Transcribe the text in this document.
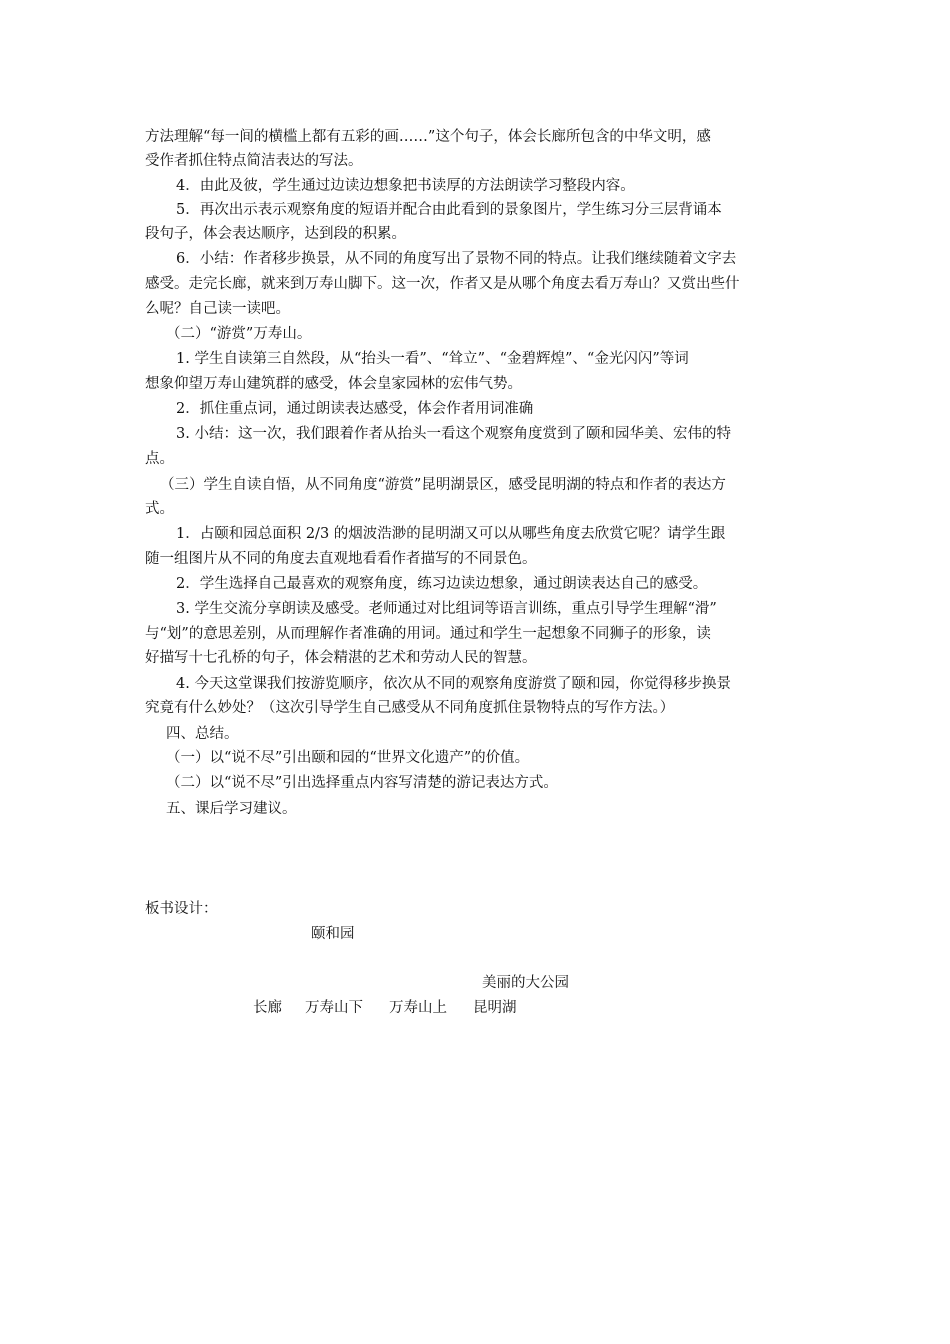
方法理解“每一间的横槛上都有五彩的画……”这个句子，体会长廊所包含的中华文明，感
受作者抓住特点简洁表达的写法。
4．由此及彼，学生通过边读边想象把书读厚的方法朗读学习整段内容。
5．再次出示表示观察角度的短语并配合由此看到的景象图片，学生练习分三层背诵本
段句子，体会表达顺序，达到段的积累。
6．小结：作者移步换景，从不同的角度写出了景物不同的特点。让我们继续随着文字去
感受。走完长廊，就来到万寿山脚下。这一次，作者又是从哪个角度去看万寿山？又赏出些什
么呢？自己读一读吧。
（二）“游赏”万寿山。
1. 学生自读第三自然段，从“抬头一看”、“耸立”、“金碧辉煌”、“金光闪闪”等词
想象仰望万寿山建筑群的感受，体会皇家园林的宏伟气势。
2．抓住重点词，通过朗读表达感受，体会作者用词准确
3. 小结：这一次，我们跟着作者从抬头一看这个观察角度赏到了颐和园华美、宏伟的特
点。
（三）学生自读自悟，从不同角度“游赏”昆明湖景区，感受昆明湖的特点和作者的表达方
式。
1．占颐和园总面积 2/3 的烟波浩渺的昆明湖又可以从哪些角度去欣赏它呢？请学生跟
随一组图片从不同的角度去直观地看看作者描写的不同景色。
2．学生选择自己最喜欢的观察角度，练习边读边想象，通过朗读表达自己的感受。
3. 学生交流分享朗读及感受。老师通过对比组词等语言训练，重点引导学生理解“滑”
与“划”的意思差别，从而理解作者准确的用词。通过和学生一起想象不同狮子的形象，读
好描写十七孔桥的句子，体会精湛的艺术和劳动人民的智慧。
4. 今天这堂课我们按游览顺序，依次从不同的观察角度游赏了颐和园，你觉得移步换景
究竟有什么妙处？（这次引导学生自己感受从不同角度抓住景物特点的写作方法。）
四、总结。
（一）以“说不尽”引出颐和园的“世界文化遗产”的价值。
（二）以“说不尽”引出选择重点内容写清楚的游记表达方式。
五、课后学习建议。
板书设计：
颐和园
美丽的大公园
长廊 万寿山下 万寿山上 昆明湖
